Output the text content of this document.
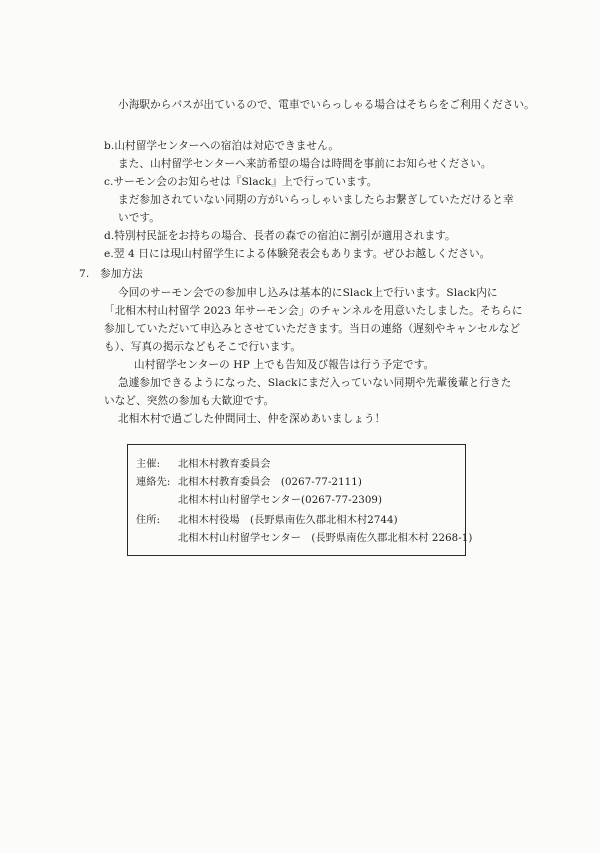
小海駅からバスが出ているので、電車でいらっしゃる場合はそちらをご利用ください。
b.山村留学センターへの宿泊は対応できません。
また、山村留学センターへ来訪希望の場合は時間を事前にお知らせください。
c.サーモン会のお知らせは『Slack』上で行っています。
まだ参加されていない同期の方がいらっしゃいましたらお繋ぎしていただけると幸
いです。
d.特別村民証をお持ちの場合、長者の森での宿泊に割引が適用されます。
e.翌 4 日には現山村留学生による体験発表会もあります。ぜひお越しください。
7.　参加方法
今回のサーモン会での参加申し込みは基本的にSlack上で行います。Slack内に
「北相木村山村留学 2023 年サーモン会」のチャンネルを用意いたしました。そちらに
参加していただいて申込みとさせていただきます。当日の連絡（遅刻やキャンセルなど
も）、写真の掲示などもそこで行います。
山村留学センターの HP 上でも告知及び報告は行う予定です。
急遽参加できるようになった、Slackにまだ入っていない同期や先輩後輩と行きた
いなど、突然の参加も大歓迎です。
北相木村で過ごした仲間同士、仲を深めあいましょう！
主催: 北相木村教育委員会
連絡先: 北相木村教育委員会　(0267-77-2111)
北相木村山村留学センター(0267-77-2309)
住所: 北相木村役場　(長野県南佐久郡北相木村2744)
北相木村山村留学センター　(長野県南佐久郡北相木村 2268-1)
